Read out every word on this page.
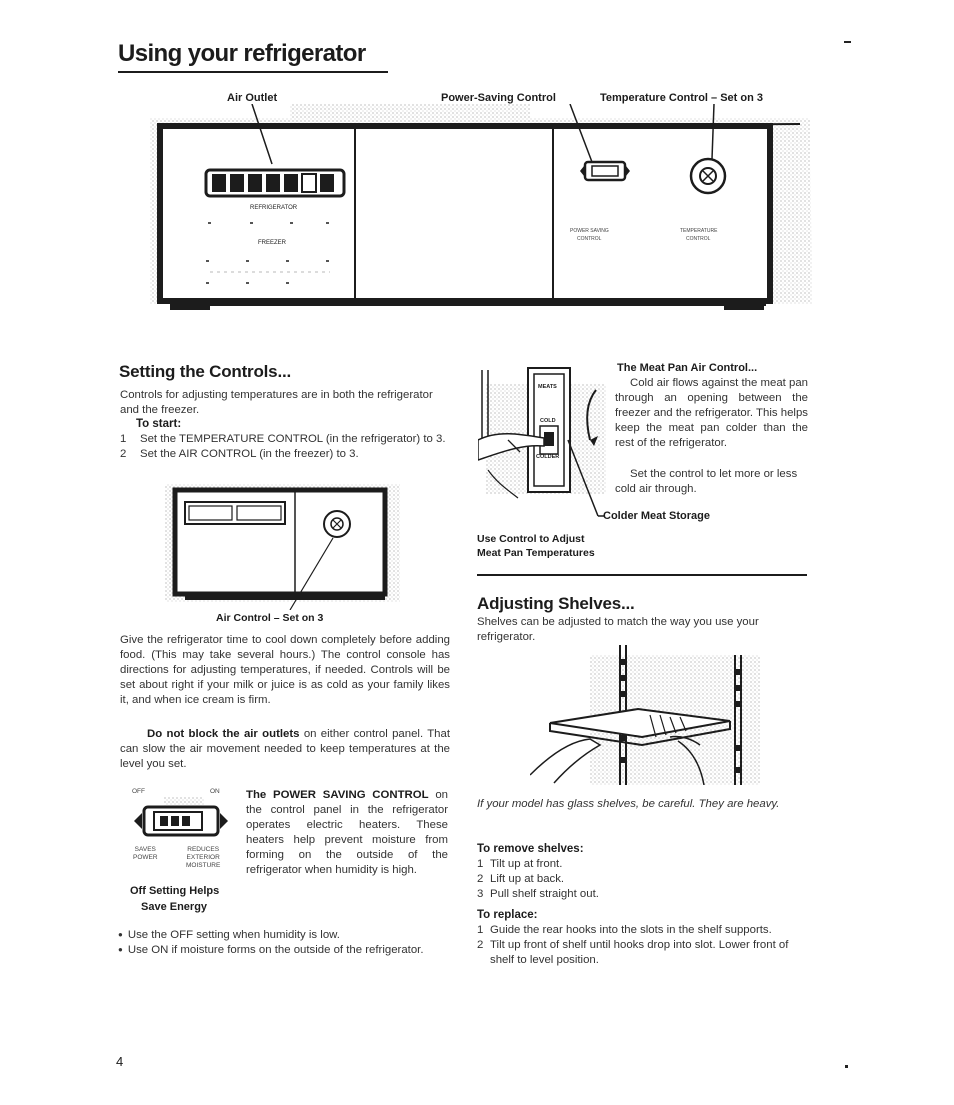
Using your refrigerator
Air Outlet	Power-Saving Control	Temperature Control – Set on 3
REFRIGERATOR
FREEZER
POWER SAVING
CONTROL
TEMPERATURE
CONTROL
Setting the Controls...

Controls for adjusting temperatures are in both the refrigerator and the freezer.

To start:

1 Set the TEMPERATURE CONTROL (in the refrigerator) to 3.
2 Set the AIR CONTROL (in the freezer) to 3.

Air Control – Set on 3

Give the refrigerator time to cool down completely before adding food. (This may take several hours.) The control console has directions for adjusting temperatures, if needed. Controls will be set about right if your milk or juice is as cold as your family likes it, and when ice cream is firm.

Do not block the air outlets on either control panel. That can slow the air movement needed to keep temperatures at the level you set.

OFF	ON
SAVES
POWER
REDUCES
EXTERIOR
MOISTURE

Off Setting Helps

Save Energy

The POWER SAVING CONTROL on the control panel in the refrigerator operates electric heaters. These heaters help prevent moisture from forming on the outside of the refrigerator when humidity is high.

● Use the OFF setting when humidity is low.
● Use ON if moisture forms on the outside of the refrigerator.
4
MEATS
COLD
COLDER

The Meat Pan Air Control...

Cold air flows against the meat pan through an opening between the freezer and the refrigerator. This helps keep the meat pan colder than the rest of the refrigerator.

Set the control to let more or less cold air through.

Colder Meat Storage

Use Control to Adjust

Meat Pan Temperatures

Adjusting Shelves...

Shelves can be adjusted to match the way you use your refrigerator.

If your model has glass shelves, be careful. They are heavy.

To remove shelves:

1 Tilt up at front.
2 Lift up at back.
3 Pull shelf straight out.

To replace:

1 Guide the rear hooks into the slots in the shelf supports.
2 Tilt up front of shelf until hooks drop into slot. Lower front of shelf to level position.
